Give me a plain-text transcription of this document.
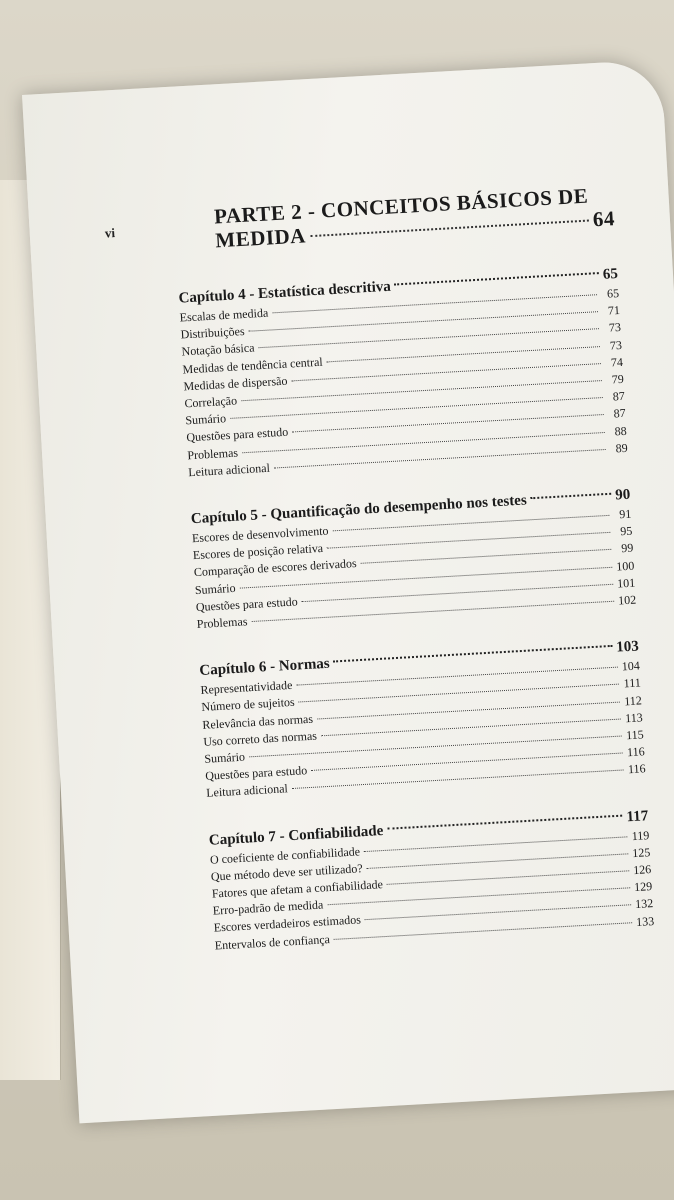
vi
PARTE 2 - CONCEITOS BÁSICOS DE
MEDIDA
64
Capítulo 4 - Estatística descritiva
65
Escalas de medida
65
Distribuições
71
Notação básica
73
Medidas de tendência central
73
Medidas de dispersão
74
Correlação
79
Sumário
87
Questões para estudo
87
Problemas
88
Leitura adicional
89
Capítulo 5 - Quantificação do desempenho nos testes	90
Escores de desenvolvimento
91
Escores de posição relativa
95
Comparação de escores derivados
99
Sumário
100
Questões para estudo
101
Problemas
102
Capítulo 6 - Normas
103
Representatividade
104
Número de sujeitos
111
Relevância das normas
112
Uso correto das normas
113
Sumário
115
Questões para estudo
116
Leitura adicional
116
Capítulo 7 - Confiabilidade
117
O coeficiente de confiabilidade
119
Que método deve ser utilizado?
125
Fatores que afetam a confiabilidade
126
Erro-padrão de medida
129
Escores verdadeiros estimados
132
Entervalos de confiança
133
